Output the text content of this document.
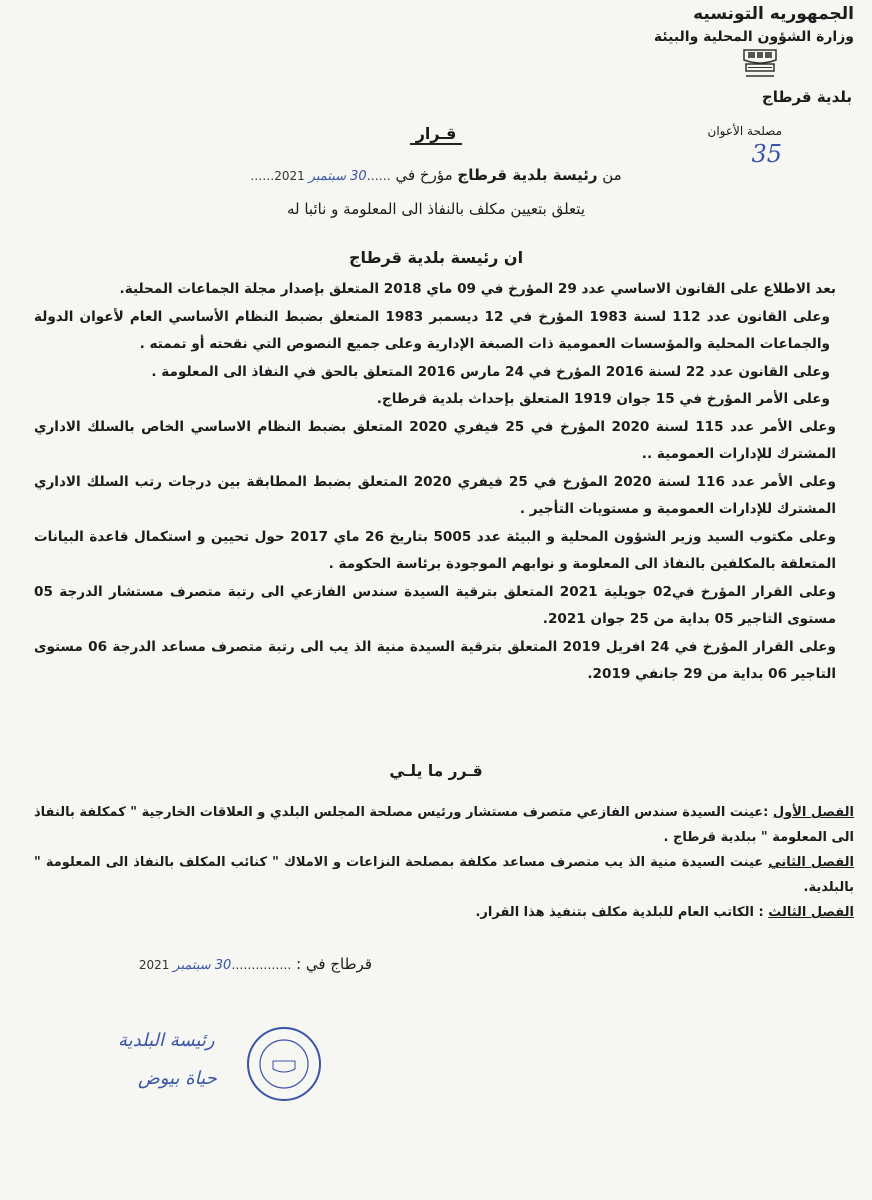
الجمهوريه التونسيه
وزارة الشؤون المحلية والبيئة
بلدية قرطاج
مصلحة الأعوان
35
قـرار
من رئيسة بلدية قرطاج مؤرخ في ……30 سبتمبر 2021……
يتعلق بتعيين مكلف بالنفاذ الى المعلومة و نائبا له
ان رئيسة بلدية قرطاج

بعد الاطلاع على القانون الاساسي عدد 29 المؤرخ في 09 ماي 2018 المتعلق بإصدار مجلة الجماعات المحلية.

وعلى القانون عدد 112 لسنة 1983 المؤرخ في 12 ديسمبر 1983 المتعلق بضبط النظام الأساسي العام لأعوان الدولة والجماعات المحلية والمؤسسات العمومية ذات الصبغة الإدارية وعلى جميع النصوص التي نقحته أو تممته .

وعلى القانون عدد 22 لسنة 2016 المؤرخ في 24 مارس 2016 المتعلق بالحق في النفاذ الى المعلومة .

وعلى الأمر المؤرخ في 15 جوان 1919 المتعلق بإحداث بلدية قرطاج.

وعلى الأمر عدد 115 لسنة 2020 المؤرخ في 25 فيفري 2020 المتعلق بضبط النظام الاساسي الخاص بالسلك الاداري المشترك للإدارات العمومية ..

وعلى الأمر عدد 116 لسنة 2020 المؤرخ في 25 فيفري 2020 المتعلق بضبط المطابقة بين درجات رتب السلك الاداري المشترك للإدارات العمومية و مستويات التأجير .

وعلى مكتوب السيد وزير الشؤون المحلية و البيئة عدد 5005 بتاريخ 26 ماي 2017 حول تحيين و استكمال قاعدة البيانات المتعلقة بالمكلفين بالنفاذ الى المعلومة و نوابهم الموجودة برئاسة الحكومة .

وعلى القرار المؤرخ في02 جويلية 2021 المتعلق بترقية السيدة سندس الفازعي الى رتبة متصرف مستشار الدرجة 05 مستوى التاجير 05 بداية من 25 جوان 2021.

وعلى القرار المؤرخ في 24 افريل 2019 المتعلق بترقية السيدة منية الذ يب الى رتبة متصرف مساعد الدرجة 06 مستوى التاجير 06 بداية من 29 جانفي 2019.

قـرر ما يلـي

الفصل الأول :عينت السيدة سندس الفازعي متصرف مستشار ورئيس مصلحة المجلس البلدي و العلاقات الخارجية " كمكلفة بالنفاذ الى المعلومة " ببلدية قرطاج .

الفصل الثاني عينت السيدة منية الذ يب متصرف مساعد مكلفة بمصلحة النزاعات و الاملاك " كنائب المكلف بالنفاذ الى المعلومة " بالبلدية.

الفصل الثالث : الكاتب العام للبلدية مكلف بتنفيذ هذا القرار.

قرطاج في : ……………30 سبتمبر 2021
رئيسة البلدية
حياة بيوض
